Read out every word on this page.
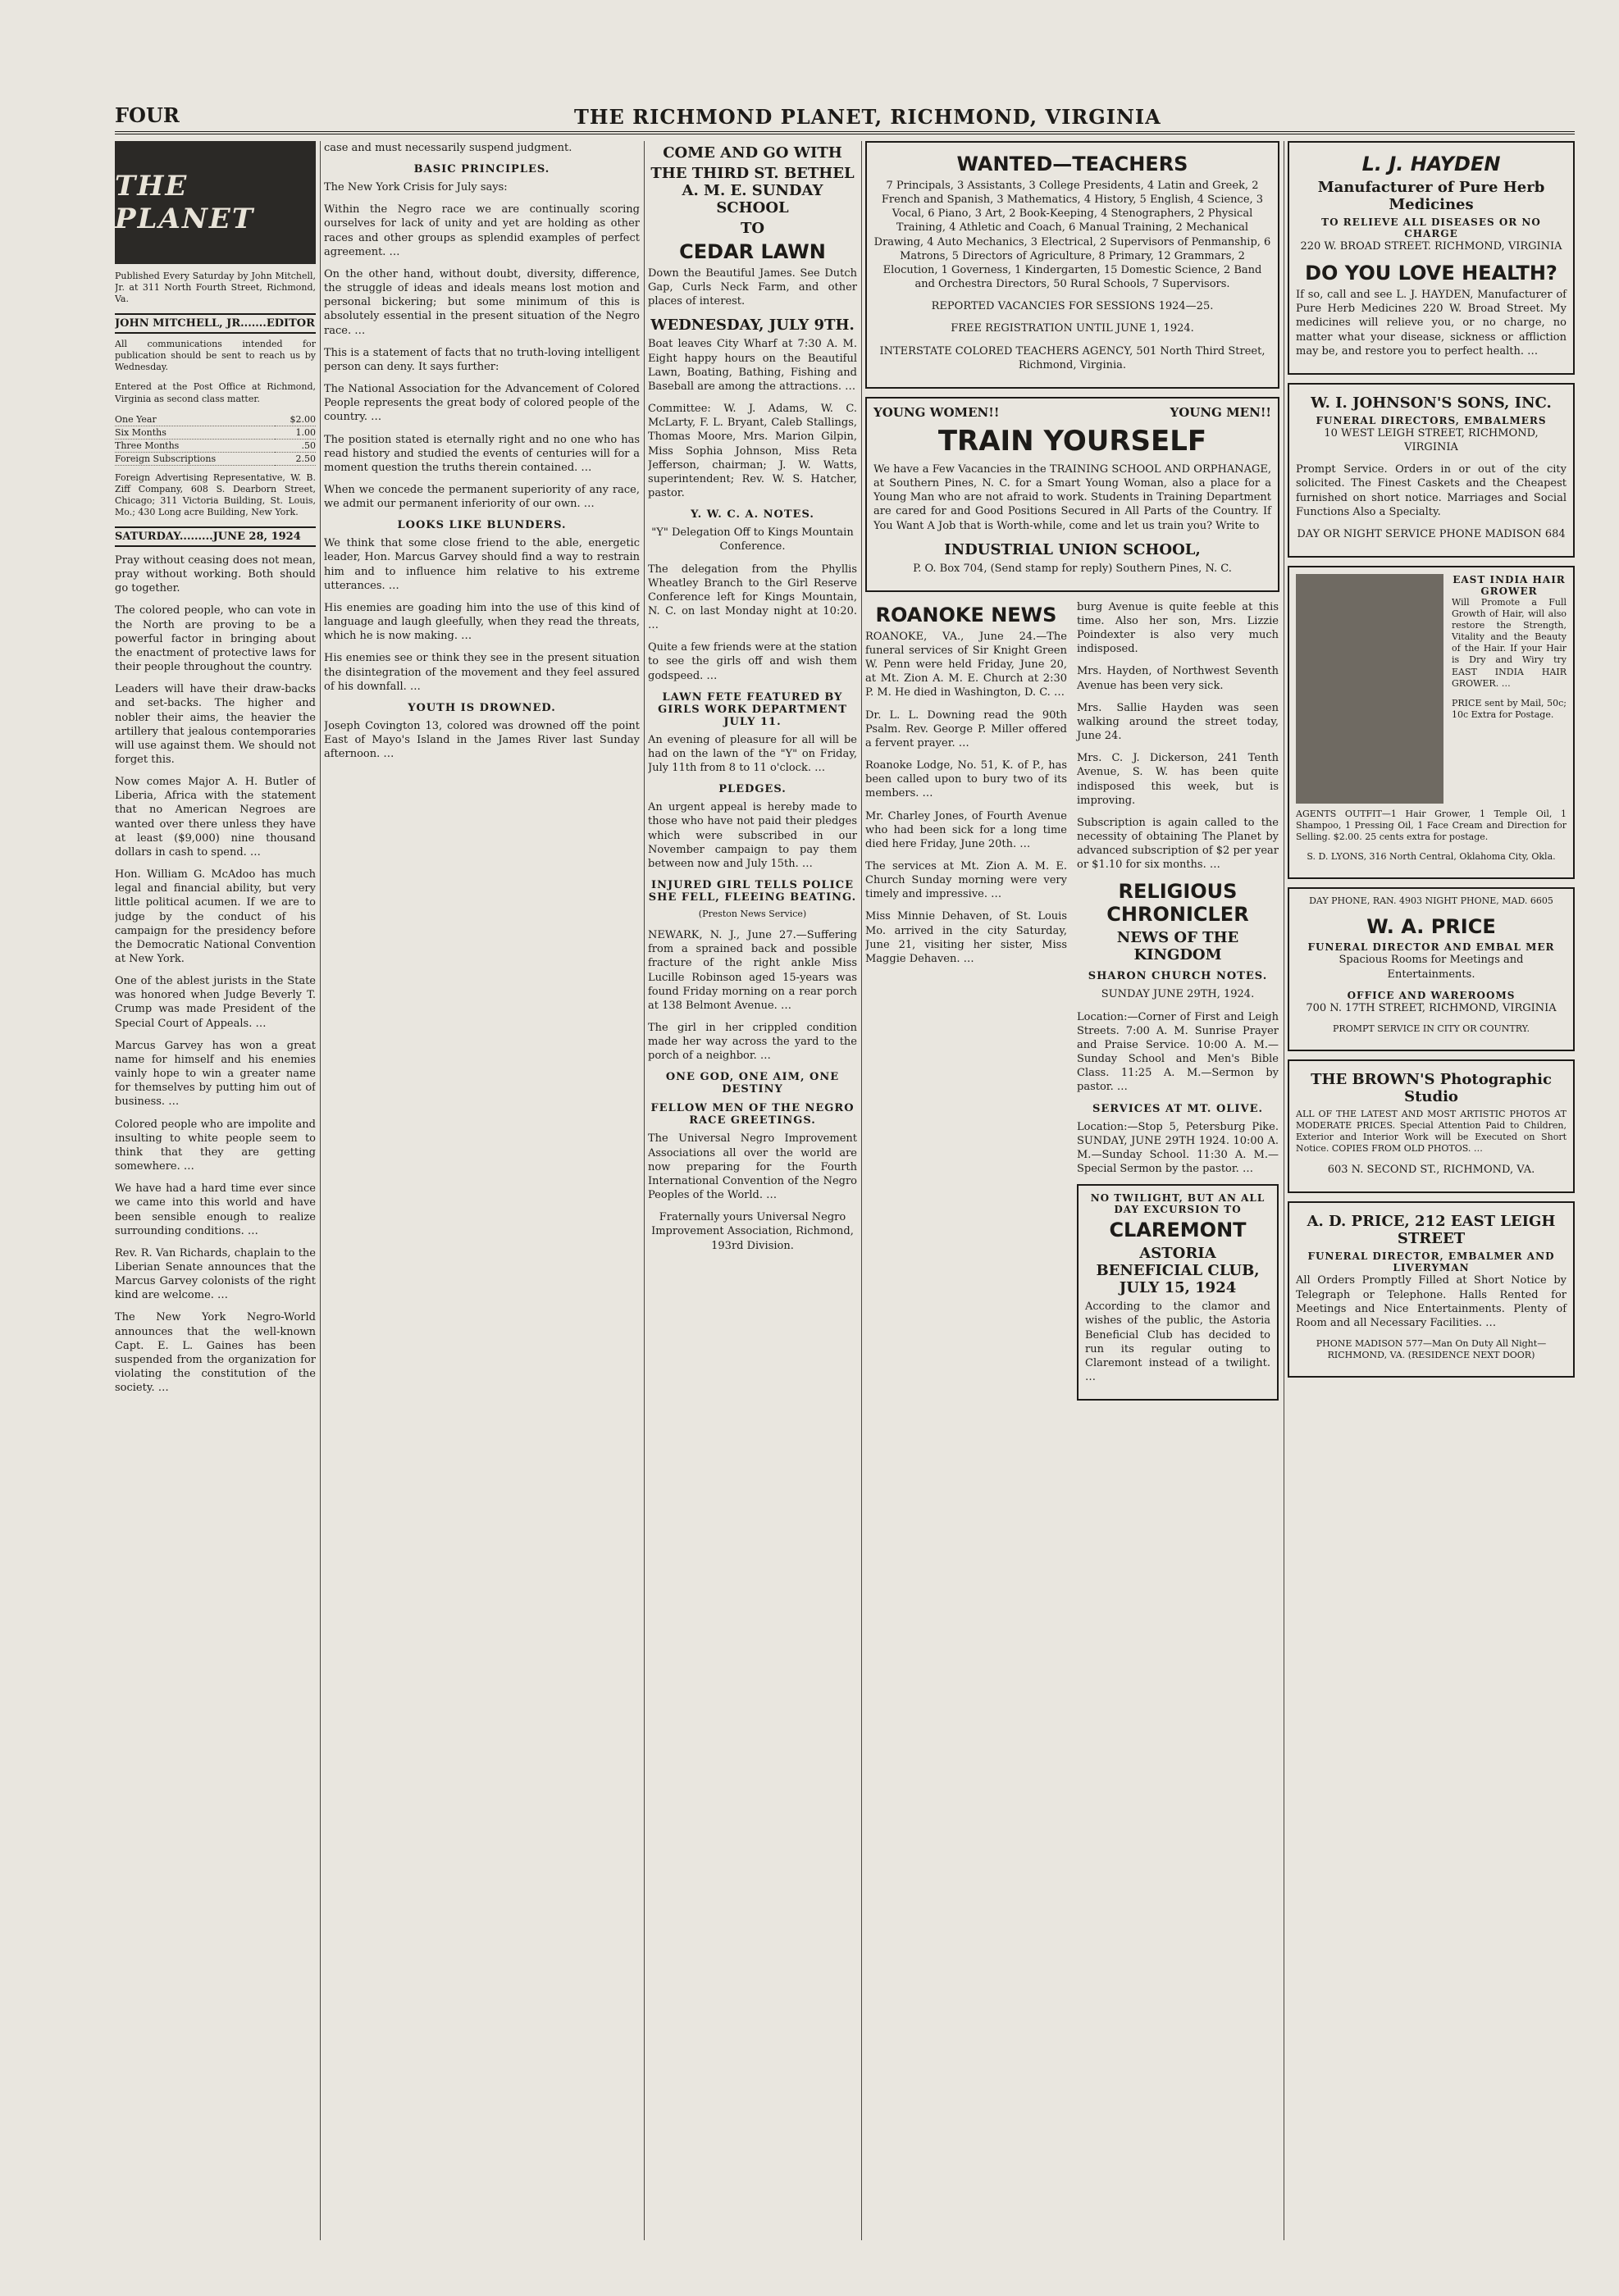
FOUR	THE RICHMOND PLANET, RICHMOND, VIRGINIA
THE PLANET

Published Every Saturday by John Mitchell, Jr. at 311 North Fourth Street, Richmond, Va.

JOHN MITCHELL, JR.......EDITOR

All communications intended for publication should be sent to reach us by Wednesday.

Entered at the Post Office at Richmond, Virginia as second class matter.

One Year	$2.00
Six Months	1.00
Three Months	.50
Foreign Subscriptions	2.50

Foreign Advertising Representative, W. B. Ziff Company, 608 S. Dearborn Street, Chicago; 311 Victoria Building, St. Louis, Mo.; 430 Long acre Building, New York.

SATURDAY.........JUNE 28, 1924

Pray without ceasing does not mean, pray without working. Both should go together.

The colored people, who can vote in the North are proving to be a powerful factor in bringing about the enactment of protective laws for their people throughout the country.

Leaders will have their draw-backs and set-backs. The higher and nobler their aims, the heavier the artillery that jealous contemporaries will use against them. We should not forget this.

Now comes Major A. H. Butler of Liberia, Africa with the statement that no American Negroes are wanted over there unless they have at least ($9,000) nine thousand dollars in cash to spend. …

Hon. William G. McAdoo has much legal and financial ability, but very little political acumen. If we are to judge by the conduct of his campaign for the presidency before the Democratic National Convention at New York.

One of the ablest jurists in the State was honored when Judge Beverly T. Crump was made President of the Special Court of Appeals. …

Marcus Garvey has won a great name for himself and his enemies vainly hope to win a greater name for themselves by putting him out of business. …

Colored people who are impolite and insulting to white people seem to think that they are getting somewhere. …

We have had a hard time ever since we came into this world and have been sensible enough to realize surrounding conditions. …

Rev. R. Van Richards, chaplain to the Liberian Senate announces that the Marcus Garvey colonists of the right kind are welcome. …

The New York Negro-World announces that the well-known Capt. E. L. Gaines has been suspended from the organization for violating the constitution of the society. …

case and must necessarily suspend judgment.

BASIC PRINCIPLES.

The New York Crisis for July says:

Within the Negro race we are continually scoring ourselves for lack of unity and yet are holding as other races and other groups as splendid examples of perfect agreement. …

On the other hand, without doubt, diversity, difference, the struggle of ideas and ideals means lost motion and personal bickering; but some minimum of this is absolutely essential in the present situation of the Negro race. …

This is a statement of facts that no truth-loving intelligent person can deny. It says further:

The National Association for the Advancement of Colored People represents the great body of colored people of the country. …

The position stated is eternally right and no one who has read history and studied the events of centuries will for a moment question the truths therein contained. …

When we concede the permanent superiority of any race, we admit our permanent inferiority of our own. …

LOOKS LIKE BLUNDERS.

We think that some close friend to the able, energetic leader, Hon. Marcus Garvey should find a way to restrain him and to influence him relative to his extreme utterances. …

His enemies are goading him into the use of this kind of language and laugh gleefully, when they read the threats, which he is now making. …

His enemies see or think they see in the present situation the disintegration of the movement and they feel assured of his downfall. …

YOUTH IS DROWNED.

Joseph Covington 13, colored was drowned off the point East of Mayo's Island in the James River last Sunday afternoon. …

COME AND GO WITH
THE THIRD ST. BETHEL A. M. E. SUNDAY SCHOOL
TO
CEDAR LAWN

Down the Beautiful James. See Dutch Gap, Curls Neck Farm, and other places of interest.

WEDNESDAY, JULY 9TH.

Boat leaves City Wharf at 7:30 A. M. Eight happy hours on the Beautiful Lawn, Boating, Bathing, Fishing and Baseball are among the attractions. …

Committee: W. J. Adams, W. C. McLarty, F. L. Bryant, Caleb Stallings, Thomas Moore, Mrs. Marion Gilpin, Miss Sophia Johnson, Miss Reta Jefferson, chairman; J. W. Watts, superintendent; Rev. W. S. Hatcher, pastor.

Y. W. C. A. NOTES.

"Y" Delegation Off to Kings Mountain Conference.

The delegation from the Phyllis Wheatley Branch to the Girl Reserve Conference left for Kings Mountain, N. C. on last Monday night at 10:20. …

Quite a few friends were at the station to see the girls off and wish them godspeed. …

LAWN FETE FEATURED BY GIRLS WORK DEPARTMENT JULY 11.

An evening of pleasure for all will be had on the lawn of the "Y" on Friday, July 11th from 8 to 11 o'clock. …

PLEDGES.

An urgent appeal is hereby made to those who have not paid their pledges which were subscribed in our November campaign to pay them between now and July 15th. …

INJURED GIRL TELLS POLICE SHE FELL, FLEEING BEATING.

(Preston News Service)

NEWARK, N. J., June 27.—Suffering from a sprained back and possible fracture of the right ankle Miss Lucille Robinson aged 15-years was found Friday morning on a rear porch at 138 Belmont Avenue. …

The girl in her crippled condition made her way across the yard to the porch of a neighbor. …

ONE GOD, ONE AIM, ONE DESTINY
FELLOW MEN OF THE NEGRO RACE GREETINGS.

The Universal Negro Improvement Associations all over the world are now preparing for the Fourth International Convention of the Negro Peoples of the World. …

Fraternally yours Universal Negro Improvement Association, Richmond, 193rd Division.

WANTED—TEACHERS

7 Principals, 3 Assistants, 3 College Presidents, 4 Latin and Greek, 2 French and Spanish, 3 Mathematics, 4 History, 5 English, 4 Science, 3 Vocal, 6 Piano, 3 Art, 2 Book-Keeping, 4 Stenographers, 2 Physical Training, 4 Athletic and Coach, 6 Manual Training, 2 Mechanical Drawing, 4 Auto Mechanics, 3 Electrical, 2 Supervisors of Penmanship, 6 Matrons, 5 Directors of Agriculture, 8 Primary, 12 Grammars, 2 Elocution, 1 Governess, 1 Kindergarten, 15 Domestic Science, 2 Band and Orchestra Directors, 50 Rural Schools, 7 Supervisors.

REPORTED VACANCIES FOR SESSIONS 1924—25.

FREE REGISTRATION UNTIL JUNE 1, 1924.

INTERSTATE COLORED TEACHERS AGENCY, 501 North Third Street, Richmond, Virginia.

YOUNG WOMEN!!	YOUNG MEN!!
TRAIN YOURSELF

We have a Few Vacancies in the TRAINING SCHOOL AND ORPHANAGE, at Southern Pines, N. C. for a Smart Young Woman, also a place for a Young Man who are not afraid to work. Students in Training Department are cared for and Good Positions Secured in All Parts of the Country. If You Want A Job that is Worth-while, come and let us train you? Write to

INDUSTRIAL UNION SCHOOL,

P. O. Box 704, (Send stamp for reply) Southern Pines, N. C.

ROANOKE NEWS

ROANOKE, VA., June 24.—The funeral services of Sir Knight Green W. Penn were held Friday, June 20, at Mt. Zion A. M. E. Church at 2:30 P. M. He died in Washington, D. C. …

Dr. L. L. Downing read the 90th Psalm. Rev. George P. Miller offered a fervent prayer. …

Roanoke Lodge, No. 51, K. of P., has been called upon to bury two of its members. …

Mr. Charley Jones, of Fourth Avenue who had been sick for a long time died here Friday, June 20th. …

The services at Mt. Zion A. M. E. Church Sunday morning were very timely and impressive. …

Miss Minnie Dehaven, of St. Louis Mo. arrived in the city Saturday, June 21, visiting her sister, Miss Maggie Dehaven. …

burg Avenue is quite feeble at this time. Also her son, Mrs. Lizzie Poindexter is also very much indisposed.

Mrs. Hayden, of Northwest Seventh Avenue has been very sick.

Mrs. Sallie Hayden was seen walking around the street today, June 24.

Mrs. C. J. Dickerson, 241 Tenth Avenue, S. W. has been quite indisposed this week, but is improving.

Subscription is again called to the necessity of obtaining The Planet by advanced subscription of $2 per year or $1.10 for six months. …

RELIGIOUS CHRONICLER
NEWS OF THE KINGDOM
SHARON CHURCH NOTES.

SUNDAY JUNE 29TH, 1924.

Location:—Corner of First and Leigh Streets. 7:00 A. M. Sunrise Prayer and Praise Service. 10:00 A. M.—Sunday School and Men's Bible Class. 11:25 A. M.—Sermon by pastor. …

SERVICES AT MT. OLIVE.

Location:—Stop 5, Petersburg Pike. SUNDAY, JUNE 29TH 1924. 10:00 A. M.—Sunday School. 11:30 A. M.—Special Sermon by the pastor. …

NO TWILIGHT, BUT AN ALL DAY EXCURSION TO
CLAREMONT
ASTORIA BENEFICIAL CLUB, JULY 15, 1924

According to the clamor and wishes of the public, the Astoria Beneficial Club has decided to run its regular outing to Claremont instead of a twilight. …

L. J. HAYDEN
Manufacturer of Pure Herb Medicines
TO RELIEVE ALL DISEASES OR NO CHARGE

220 W. BROAD STREET. RICHMOND, VIRGINIA

DO YOU LOVE HEALTH?

If so, call and see L. J. HAYDEN, Manufacturer of Pure Herb Medicines 220 W. Broad Street. My medicines will relieve you, or no charge, no matter what your disease, sickness or affliction may be, and restore you to perfect health. …

W. I. JOHNSON'S SONS, INC.
FUNERAL DIRECTORS, EMBALMERS

10 WEST LEIGH STREET, RICHMOND, VIRGINIA

Prompt Service. Orders in or out of the city solicited. The Finest Caskets and the Cheapest furnished on short notice. Marriages and Social Functions Also a Specialty.

DAY OR NIGHT SERVICE PHONE MADISON 684

EAST INDIA HAIR GROWER

Will Promote a Full Growth of Hair, will also restore the Strength, Vitality and the Beauty of the Hair. If your Hair is Dry and Wiry try EAST INDIA HAIR GROWER. …

PRICE sent by Mail, 50c; 10c Extra for Postage.

AGENTS OUTFIT—1 Hair Grower, 1 Temple Oil, 1 Shampoo, 1 Pressing Oil, 1 Face Cream and Direction for Selling. $2.00. 25 cents extra for postage.

S. D. LYONS, 316 North Central, Oklahoma City, Okla.

DAY PHONE, RAN. 4903 NIGHT PHONE, MAD. 6605

W. A. PRICE
FUNERAL DIRECTOR AND EMBAL MER

Spacious Rooms for Meetings and Entertainments.

OFFICE AND WAREROOMS

700 N. 17TH STREET, RICHMOND, VIRGINIA

PROMPT SERVICE IN CITY OR COUNTRY.

THE BROWN'S Photographic Studio

ALL OF THE LATEST AND MOST ARTISTIC PHOTOS AT MODERATE PRICES. Special Attention Paid to Children, Exterior and Interior Work will be Executed on Short Notice. COPIES FROM OLD PHOTOS. …

603 N. SECOND ST., RICHMOND, VA.

A. D. PRICE, 212 EAST LEIGH STREET
FUNERAL DIRECTOR, EMBALMER AND LIVERYMAN

All Orders Promptly Filled at Short Notice by Telegraph or Telephone. Halls Rented for Meetings and Nice Entertainments. Plenty of Room and all Necessary Facilities. …

PHONE MADISON 577—Man On Duty All Night—RICHMOND, VA. (RESIDENCE NEXT DOOR)
